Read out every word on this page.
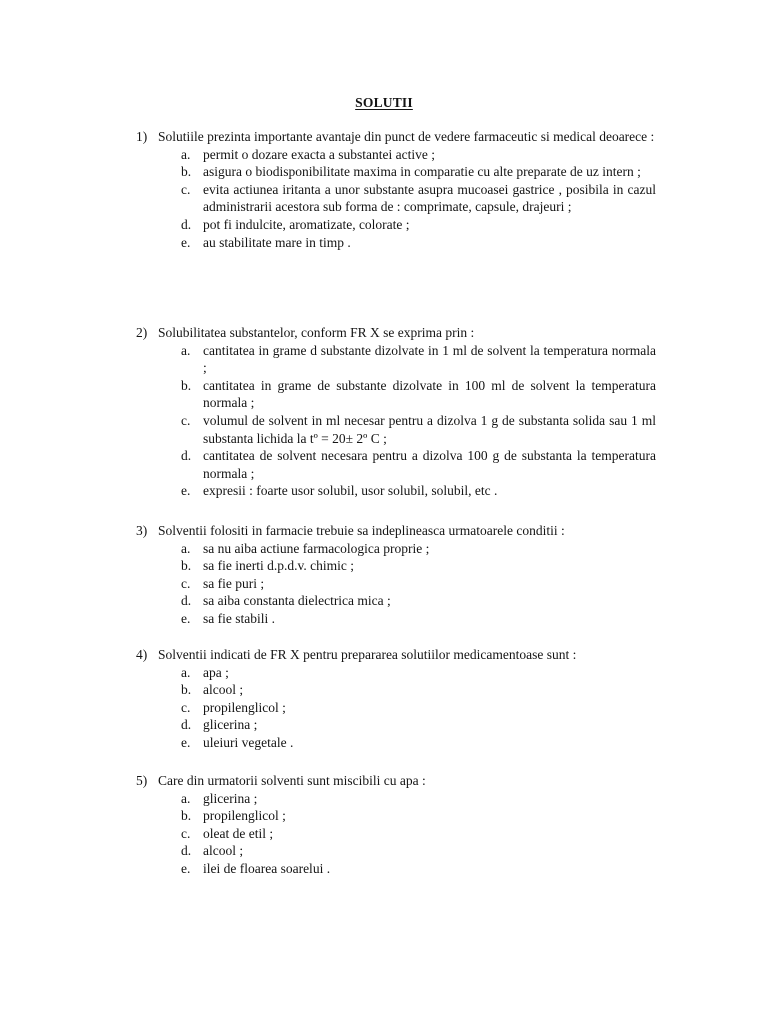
SOLUTII
1) Solutiile prezinta importante avantaje din punct de vedere farmaceutic si medical deoarece :
a. permit o dozare exacta a substantei active ;
b. asigura o biodisponibilitate maxima in comparatie cu alte preparate de uz intern ;
c. evita actiunea iritanta a unor substante asupra mucoasei gastrice , posibila in cazul administrarii acestora sub forma de : comprimate, capsule, drajeuri ;
d. pot fi indulcite, aromatizate, colorate ;
e. au stabilitate mare in timp .
2) Solubilitatea substantelor, conform FR X se exprima prin :
a. cantitatea in grame d substante dizolvate in 1 ml de solvent la temperatura normala ;
b. cantitatea in grame de substante dizolvate in 100 ml de solvent la temperatura normala ;
c. volumul de solvent in ml necesar pentru a dizolva 1 g de substanta solida sau 1 ml substanta lichida la tº = 20± 2º C ;
d. cantitatea de solvent necesara pentru a dizolva 100 g de substanta la temperatura normala ;
e. expresii : foarte usor solubil, usor solubil, solubil, etc .
3) Solventii folositi in farmacie trebuie sa indeplineasca urmatoarele conditii :
a. sa nu aiba actiune farmacologica proprie ;
b. sa fie inerti d.p.d.v. chimic ;
c. sa fie puri ;
d. sa aiba constanta dielectrica mica ;
e. sa fie stabili .
4) Solventii indicati de FR X pentru prepararea solutiilor medicamentoase sunt :
a. apa ;
b. alcool ;
c. propilenglicol ;
d. glicerina ;
e. uleiuri vegetale .
5) Care din urmatorii solventi sunt miscibili cu apa :
a. glicerina ;
b. propilenglicol ;
c. oleat de etil ;
d. alcool ;
e. ilei de floarea soarelui .
